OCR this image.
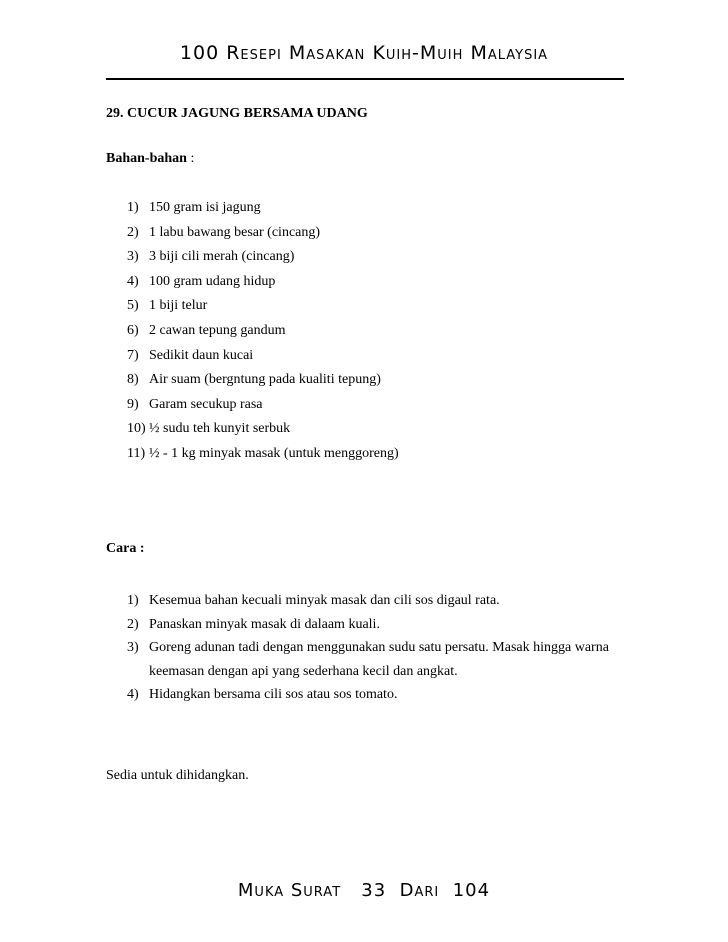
100 Resepi Masakan Kuih-Muih Malaysia
29. CUCUR JAGUNG BERSAMA UDANG
Bahan-bahan :
1) 150 gram isi jagung
2) 1 labu bawang besar (cincang)
3) 3 biji cili merah (cincang)
4) 100 gram udang hidup
5) 1 biji telur
6) 2 cawan tepung gandum
7) Sedikit daun kucai
8) Air suam (bergntung pada kualiti tepung)
9) Garam secukup rasa
10) ½ sudu teh kunyit serbuk
11) ½ - 1 kg minyak masak (untuk menggoreng)
Cara :
1) Kesemua bahan kecuali minyak masak dan cili sos digaul rata.
2) Panaskan minyak masak di dalaam kuali.
3) Goreng adunan tadi dengan menggunakan sudu satu persatu. Masak hingga warna keemasan dengan api yang sederhana kecil dan angkat.
4) Hidangkan bersama cili sos atau sos tomato.
Sedia untuk dihidangkan.
Muka Surat   33  Dari  104
